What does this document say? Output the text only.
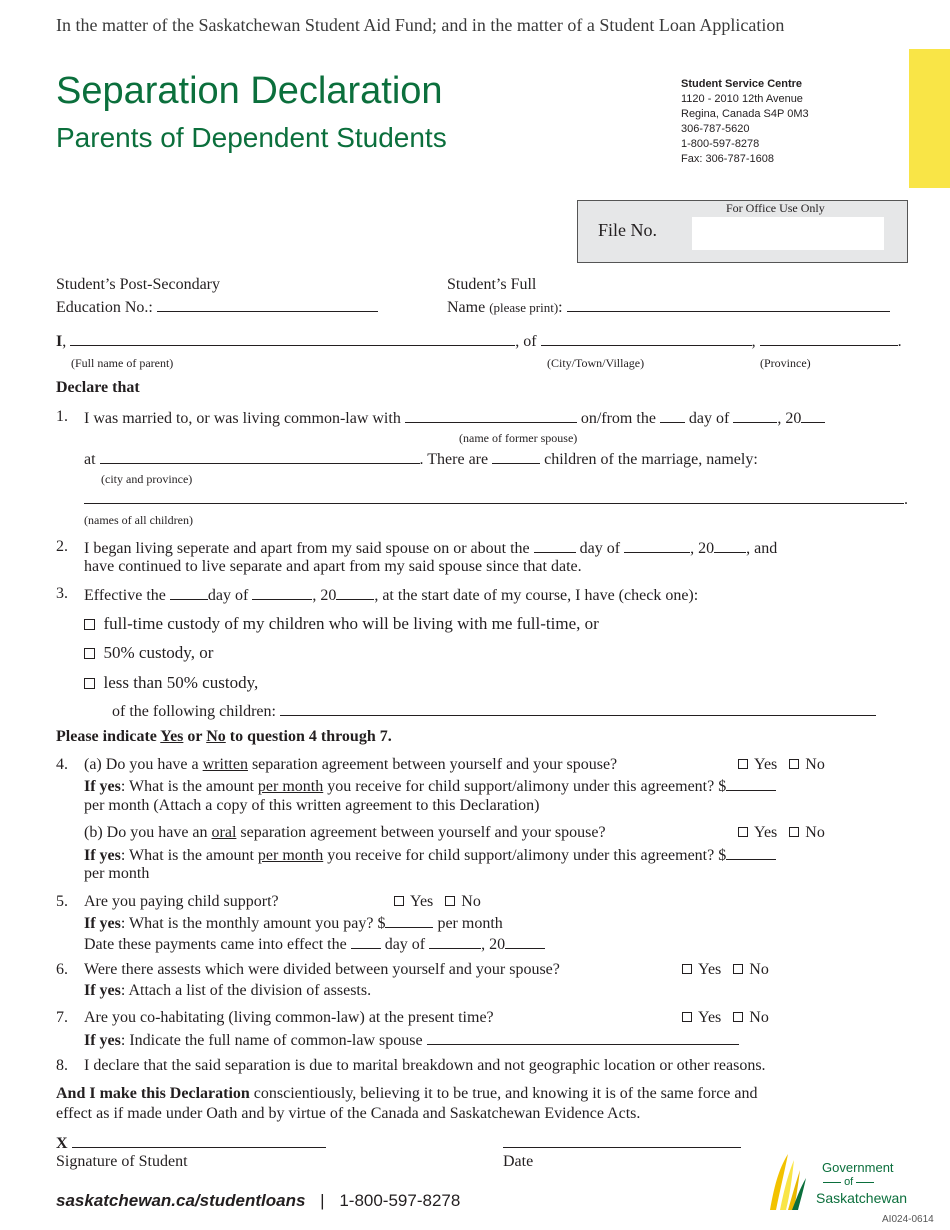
In the matter of the Saskatchewan Student Aid Fund; and in the matter of a Student Loan Application
Separation Declaration
Parents of Dependent Students
Student Service Centre
1120 - 2010 12th Avenue
Regina, Canada S4P 0M3
306-787-5620
1-800-597-8278
Fax: 306-787-1608
For Office Use Only
File No.
Student’s Post-Secondary
Education No.:
Student’s Full
Name (please print):
I,	, of	,	.
(Full name of parent)	(City/Town/Village)	(Province)
Declare that
1. I was married to, or was living common-law with	on/from the day of	, 20
(name of former spouse)
at	. There are	children of the marriage, namely:
(city and province)
.
(names of all children)
2. I began living seperate and apart from my said spouse on or about the	day of	, 20 , and
have continued to live separate and apart from my said spouse since that date.
3. Effective the	day of	, 20 , at the start date of my course, I have (check one):
full-time custody of my children who will be living with me full-time, or
50% custody, or
less than 50% custody,
of the following children:
Please indicate Yes or No to question 4 through 7.
4. (a) Do you have a written separation agreement between yourself and your spouse?	Yes No
If yes: What is the amount per month you receive for child support/alimony under this agreement? $
per month (Attach a copy of this written agreement to this Declaration)
(b) Do you have an oral separation agreement between yourself and your spouse?	Yes No
If yes: What is the amount per month you receive for child support/alimony under this agreement? $
per month
5. Are you paying child support?	Yes No
If yes: What is the monthly amount you pay? $	per month
Date these payments came into effect the day of	, 20
6. Were there assests which were divided between yourself and your spouse?	Yes No
If yes: Attach a list of the division of assests.
7. Are you co-habitating (living common-law) at the present time?	Yes No
If yes: Indicate the full name of common-law spouse
8. I declare that the said separation is due to marital breakdown and not geographic location or other reasons.
And I make this Declaration conscientiously, believing it to be true, and knowing it is of the same force and
effect as if made under Oath and by virtue of the Canada and Saskatchewan Evidence Acts.
X
Signature of Student	Date
saskatchewan.ca/studentloans | 1-800-597-8278
Government
of
Saskatchewan
AI024-0614
